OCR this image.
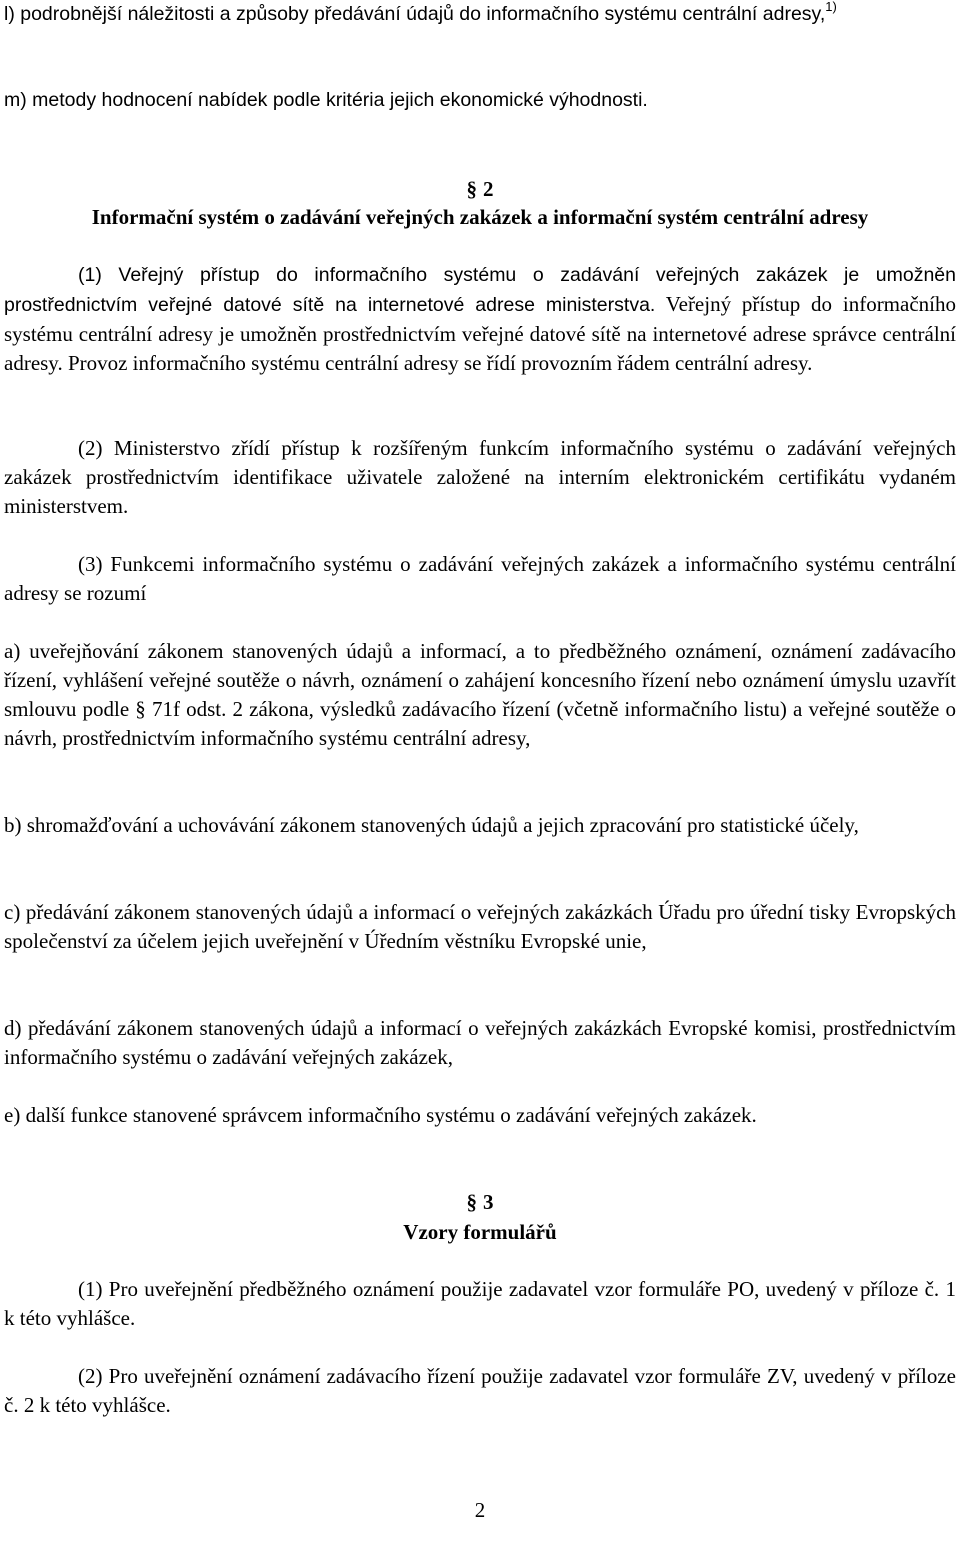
l) podrobnější náležitosti a způsoby předávání údajů do informačního systému centrální adresy,$^{1)}$

m) metody hodnocení nabídek podle kritéria jejich ekonomické výhodnosti.

§ 2

Informační systém o zadávání veřejných zakázek a informační systém centrální adresy

(1) Veřejný přístup do informačního systému o zadávání veřejných zakázek je umožněn prostřednictvím veřejné datové sítě na internetové adrese ministerstva. Veřejný přístup do informačního systému centrální adresy je umožněn prostřednictvím veřejné datové sítě na internetové adrese správce centrální adresy. Provoz informačního systému centrální adresy se řídí provozním řádem centrální adresy.

(2) Ministerstvo zřídí přístup k rozšířeným funkcím informačního systému o zadávání veřejných zakázek prostřednictvím identifikace uživatele založené na interním elektronickém certifikátu vydaném ministerstvem.

(3) Funkcemi informačního systému o zadávání veřejných zakázek a informačního systému centrální adresy se rozumí

a) uveřejňování zákonem stanovených údajů a informací, a to předběžného oznámení, oznámení zadávacího řízení, vyhlášení veřejné soutěže o návrh, oznámení o zahájení koncesního řízení nebo oznámení úmyslu uzavřít smlouvu podle § 71f odst. 2 zákona, výsledků zadávacího řízení (včetně informačního listu) a veřejné soutěže o návrh, prostřednictvím informačního systému centrální adresy,

b) shromažďování a uchovávání zákonem stanovených údajů a jejich zpracování pro statistické účely,

c) předávání zákonem stanovených údajů a informací o veřejných zakázkách Úřadu pro úřední tisky Evropských společenství za účelem jejich uveřejnění v Úředním věstníku Evropské unie,

d) předávání zákonem stanovených údajů a informací o veřejných zakázkách Evropské komisi, prostřednictvím informačního systému o zadávání veřejných zakázek,

e) další funkce stanovené správcem informačního systému o zadávání veřejných zakázek.

§ 3

Vzory formulářů

(1) Pro uveřejnění předběžného oznámení použije zadavatel vzor formuláře PO, uvedený v příloze č. 1 k této vyhlášce.

(2) Pro uveřejnění oznámení zadávacího řízení použije zadavatel vzor formuláře ZV, uvedený v příloze č. 2 k této vyhlášce.

2
